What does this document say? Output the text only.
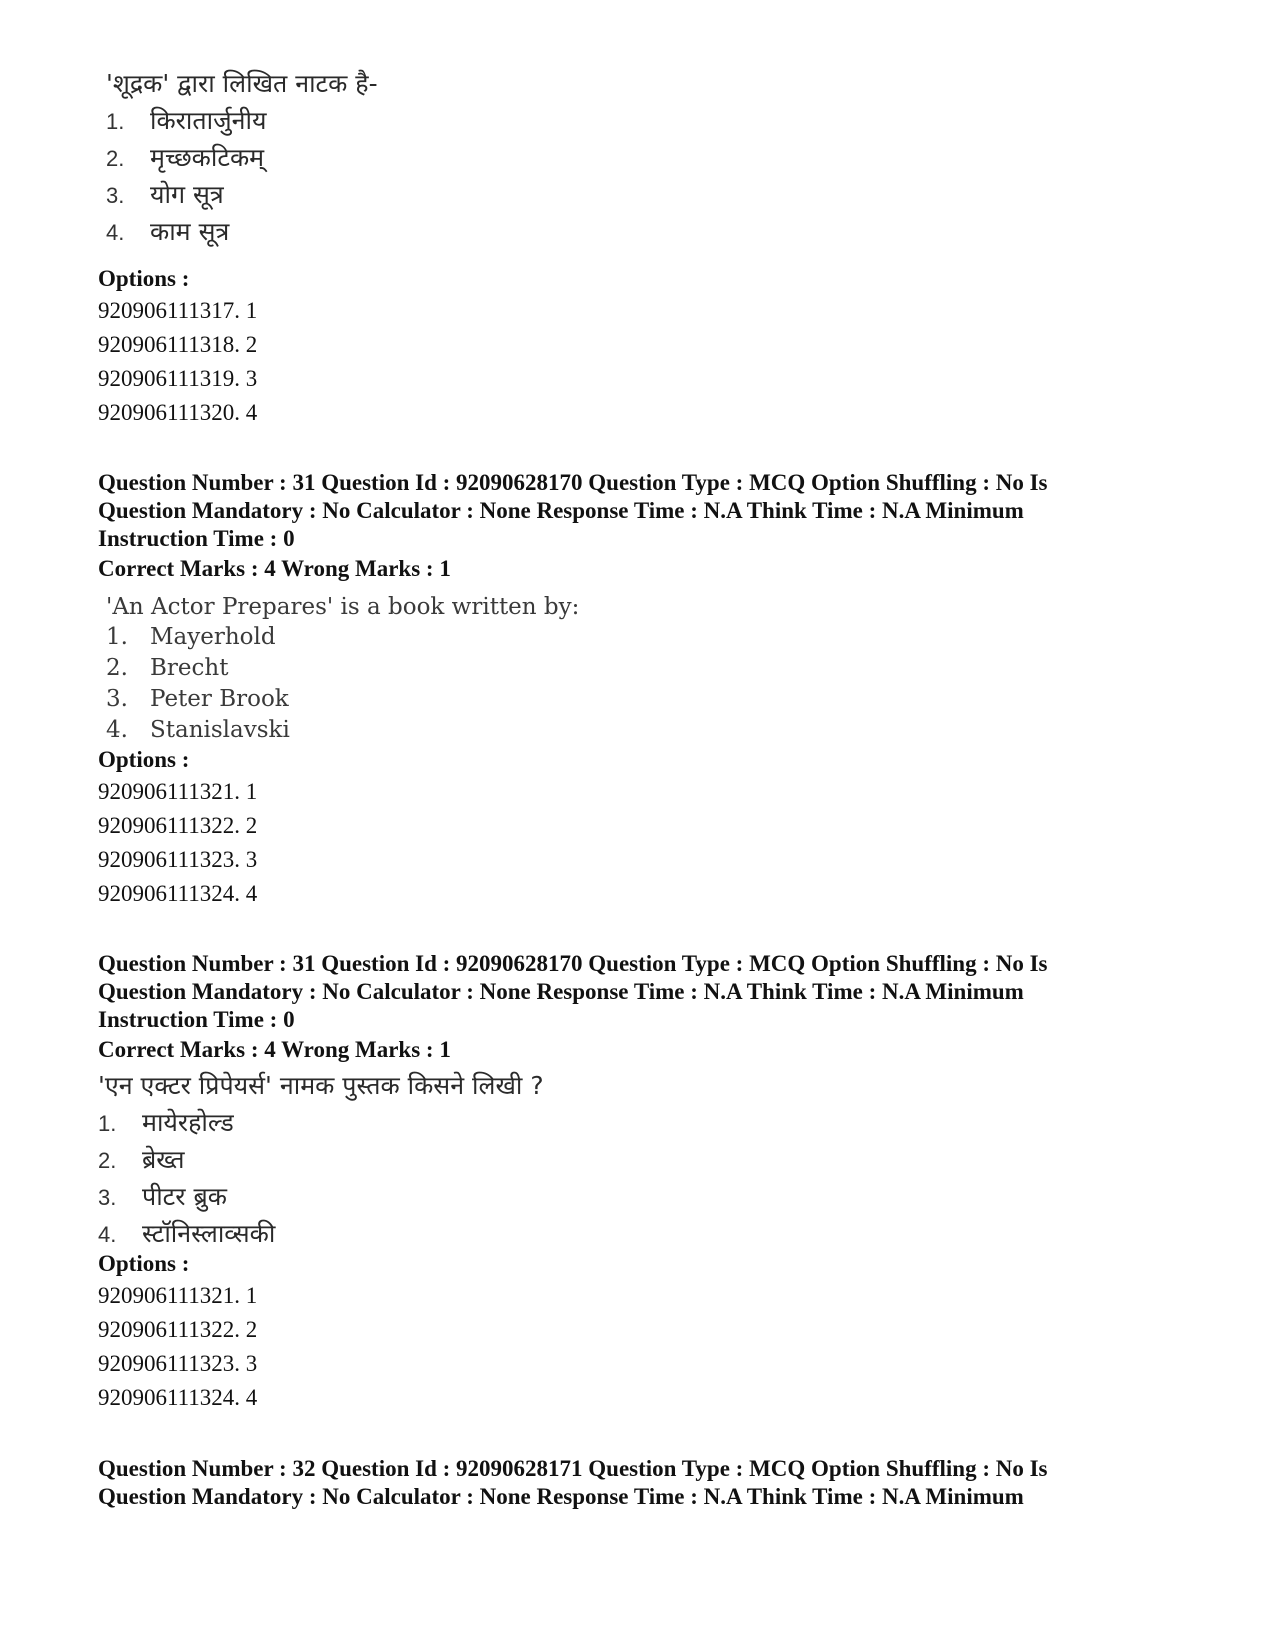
'शूद्रक' द्वारा लिखित नाटक है-
1. किरातार्जुनीय
2. मृच्छकटिकम्
3. योग सूत्र
4. काम सूत्र
Options :
920906111317. 1
920906111318. 2
920906111319. 3
920906111320. 4
Question Number : 31 Question Id : 92090628170 Question Type : MCQ Option Shuffling : No Is
Question Mandatory : No Calculator : None Response Time : N.A Think Time : N.A Minimum
Instruction Time : 0
Correct Marks : 4 Wrong Marks : 1
'An Actor Prepares' is a book written by:
1. Mayerhold
2. Brecht
3. Peter Brook
4. Stanislavski
Options :
920906111321. 1
920906111322. 2
920906111323. 3
920906111324. 4
Question Number : 31 Question Id : 92090628170 Question Type : MCQ Option Shuffling : No Is
Question Mandatory : No Calculator : None Response Time : N.A Think Time : N.A Minimum
Instruction Time : 0
Correct Marks : 4 Wrong Marks : 1
'एन एक्टर प्रिपेयर्स' नामक पुस्तक किसने लिखी ?
1. मायेरहोल्ड
2. ब्रेख्त
3. पीटर ब्रुक
4. स्टॉनिस्लाव्सकी
Options :
920906111321. 1
920906111322. 2
920906111323. 3
920906111324. 4
Question Number : 32 Question Id : 92090628171 Question Type : MCQ Option Shuffling : No Is
Question Mandatory : No Calculator : None Response Time : N.A Think Time : N.A Minimum
